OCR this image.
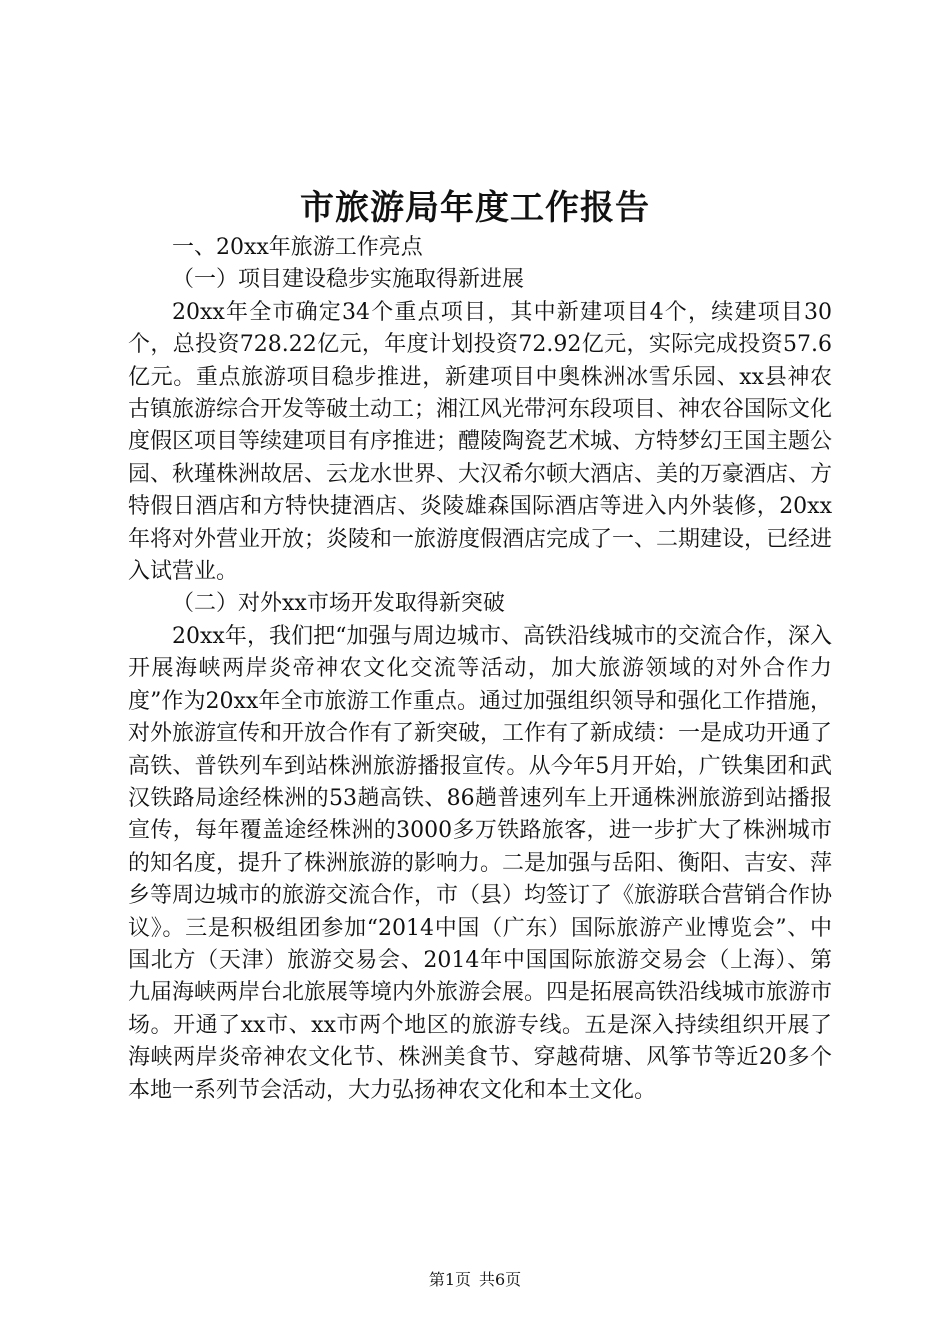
市旅游局年度工作报告

一、20xx年旅游工作亮点

（一）项目建设稳步实施取得新进展

20xx年全市确定34个重点项目，其中新建项目4个，续建项目30个，总投资728.22亿元，年度计划投资72.92亿元，实际完成投资57.6亿元。重点旅游项目稳步推进，新建项目中奥株洲冰雪乐园、xx县神农古镇旅游综合开发等破土动工；湘江风光带河东段项目、神农谷国际文化度假区项目等续建项目有序推进；醴陵陶瓷艺术城、方特梦幻王国主题公园、秋瑾株洲故居、云龙水世界、大汉希尔顿大酒店、美的万豪酒店、方特假日酒店和方特快捷酒店、炎陵雄森国际酒店等进入内外装修，20xx年将对外营业开放；炎陵和一旅游度假酒店完成了一、二期建设，已经进入试营业。

（二）对外xx市场开发取得新突破

20xx年，我们把“加强与周边城市、高铁沿线城市的交流合作，深入开展海峡两岸炎帝神农文化交流等活动，加大旅游领域的对外合作力度”作为20xx年全市旅游工作重点。通过加强组织领导和强化工作措施，对外旅游宣传和开放合作有了新突破，工作有了新成绩：一是成功开通了高铁、普铁列车到站株洲旅游播报宣传。从今年5月开始，广铁集团和武汉铁路局途经株洲的53趟高铁、86趟普速列车上开通株洲旅游到站播报宣传，每年覆盖途经株洲的3000多万铁路旅客，进一步扩大了株洲城市的知名度，提升了株洲旅游的影响力。二是加强与岳阳、衡阳、吉安、萍乡等周边城市的旅游交流合作，市（县）均签订了《旅游联合营销合作协议》。三是积极组团参加“2014中国（广东）国际旅游产业博览会”、中国北方（天津）旅游交易会、2014年中国国际旅游交易会（上海）、第九届海峡两岸台北旅展等境内外旅游会展。四是拓展高铁沿线城市旅游市场。开通了xx市、xx市两个地区的旅游专线。五是深入持续组织开展了海峡两岸炎帝神农文化节、株洲美食节、穿越荷塘、风筝节等近20多个本地一系列节会活动，大力弘扬神农文化和本土文化。

第1页 共6页
